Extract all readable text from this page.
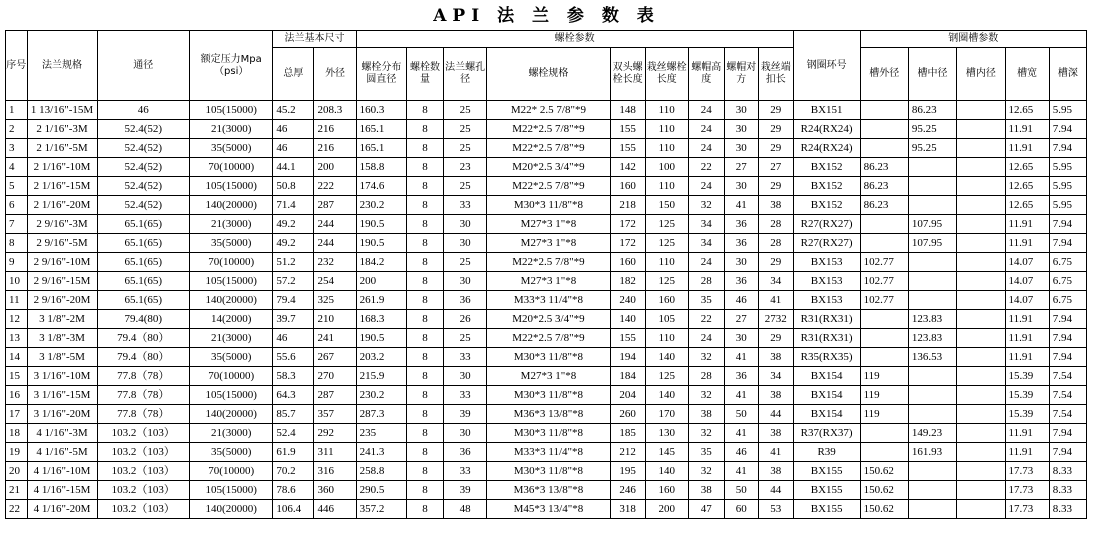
API 法 兰 参 数 表
序号	法兰规格	通径	额定压力Mpa（psi）	法兰基本尺寸		螺栓参数									钢圈环号	钢圈槽参数				
				总厚	外径	螺栓分布圆直径	螺栓数量	法兰螺孔径	螺栓规格	双头螺栓长度	栽丝螺栓长度	螺帽高度	螺帽对方	栽丝端扣长		槽外径	槽中径	槽内径	槽宽	槽深
1	1 13/16"-15M	46	105(15000)	45.2	208.3	160.3	8	25	M22* 2.5 7/8"*9	148	110	24	30	29	BX151		86.23		12.65	5.95
2	2 1/16"-3M	52.4(52)	21(3000)	46	216	165.1	8	25	M22*2.5 7/8"*9	155	110	24	30	29	R24(RX24)		95.25		11.91	7.94
3	2 1/16"-5M	52.4(52)	35(5000)	46	216	165.1	8	25	M22*2.5 7/8"*9	155	110	24	30	29	R24(RX24)		95.25		11.91	7.94
4	2 1/16"-10M	52.4(52)	70(10000)	44.1	200	158.8	8	23	M20*2.5 3/4"*9	142	100	22	27	27	BX152	86.23			12.65	5.95
5	2 1/16"-15M	52.4(52)	105(15000)	50.8	222	174.6	8	25	M22*2.5 7/8"*9	160	110	24	30	29	BX152	86.23			12.65	5.95
6	2 1/16"-20M	52.4(52)	140(20000)	71.4	287	230.2	8	33	M30*3 11/8"*8	218	150	32	41	38	BX152	86.23			12.65	5.95
7	2 9/16"-3M	65.1(65)	21(3000)	49.2	244	190.5	8	30	M27*3 1"*8	172	125	34	36	28	R27(RX27)		107.95		11.91	7.94
8	2 9/16"-5M	65.1(65)	35(5000)	49.2	244	190.5	8	30	M27*3 1"*8	172	125	34	36	28	R27(RX27)		107.95		11.91	7.94
9	2 9/16"-10M	65.1(65)	70(10000)	51.2	232	184.2	8	25	M22*2.5 7/8"*9	160	110	24	30	29	BX153	102.77			14.07	6.75
10	2 9/16"-15M	65.1(65)	105(15000)	57.2	254	200	8	30	M27*3 1"*8	182	125	28	36	34	BX153	102.77			14.07	6.75
11	2 9/16"-20M	65.1(65)	140(20000)	79.4	325	261.9	8	36	M33*3 11/4"*8	240	160	35	46	41	BX153	102.77			14.07	6.75
12	3 1/8"-2M	79.4(80)	14(2000)	39.7	210	168.3	8	26	M20*2.5 3/4"*9	140	105	22	27	2732	R31(RX31)		123.83		11.91	7.94
13	3 1/8"-3M	79.4（80）	21(3000)	46	241	190.5	8	25	M22*2.5 7/8"*9	155	110	24	30	29	R31(RX31)		123.83		11.91	7.94
14	3 1/8"-5M	79.4（80）	35(5000)	55.6	267	203.2	8	33	M30*3 11/8"*8	194	140	32	41	38	R35(RX35)		136.53		11.91	7.94
15	3 1/16"-10M	77.8（78）	70(10000)	58.3	270	215.9	8	30	M27*3 1"*8	184	125	28	36	34	BX154	119			15.39	7.54
16	3 1/16"-15M	77.8（78）	105(15000)	64.3	287	230.2	8	33	M30*3 11/8"*8	204	140	32	41	38	BX154	119			15.39	7.54
17	3 1/16"-20M	77.8（78）	140(20000)	85.7	357	287.3	8	39	M36*3 13/8"*8	260	170	38	50	44	BX154	119			15.39	7.54
18	4 1/16"-3M	103.2（103）	21(3000)	52.4	292	235	8	30	M30*3 11/8"*8	185	130	32	41	38	R37(RX37)		149.23		11.91	7.94
19	4 1/16"-5M	103.2（103）	35(5000)	61.9	311	241.3	8	36	M33*3 11/4"*8	212	145	35	46	41	R39		161.93		11.91	7.94
20	4 1/16"-10M	103.2（103）	70(10000)	70.2	316	258.8	8	33	M30*3 11/8"*8	195	140	32	41	38	BX155	150.62			17.73	8.33
21	4 1/16"-15M	103.2（103）	105(15000)	78.6	360	290.5	8	39	M36*3 13/8"*8	246	160	38	50	44	BX155	150.62			17.73	8.33
22	4 1/16"-20M	103.2（103）	140(20000)	106.4	446	357.2	8	48	M45*3 13/4"*8	318	200	47	60	53	BX155	150.62			17.73	8.33
